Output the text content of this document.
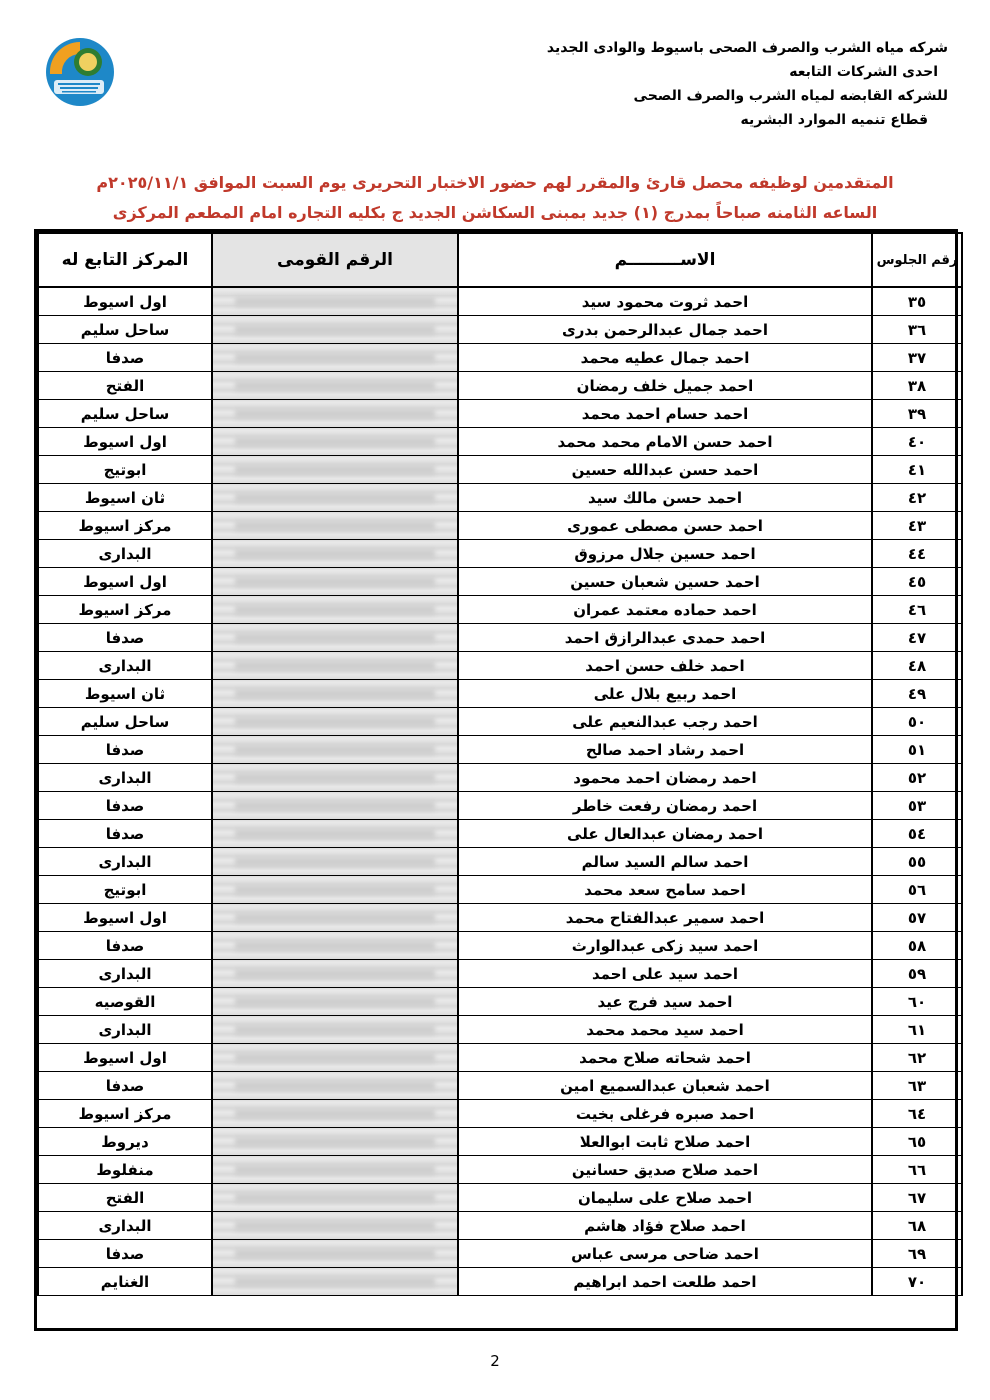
شركه مياه الشرب والصرف الصحى باسيوط والوادى الجديد
احدى الشركات التابعه
للشركه القابضه لمياه الشرب والصرف الصحى
قطاع تنميه الموارد البشريه
المتقدمين لوظيفه محصل قارئ والمقرر لهم حضور الاختبار التحريرى يوم السبت الموافق ٢٠٢٥/١١/١م
الساعه الثامنه صباحاً بمدرج (١) جديد بمبنى السكاشن الجديد ج بكليه التجاره امام المطعم المركزى
رقم الجلوس	الاســـــــــم	الرقم القومى	المركز التابع له
٣٥	احمد ثروت محمود سيد		اول اسيوط
٣٦	احمد جمال عبدالرحمن بدرى		ساحل سليم
٣٧	احمد جمال عطيه محمد		صدفا
٣٨	احمد جميل خلف رمضان		الفتح
٣٩	احمد حسام احمد محمد		ساحل سليم
٤٠	احمد حسن الامام محمد محمد		اول اسيوط
٤١	احمد حسن عبدالله حسين		ابوتيج
٤٢	احمد حسن مالك سيد		ثان اسيوط
٤٣	احمد حسن مصطى عمورى		مركز اسيوط
٤٤	احمد حسين جلال مرزوق		البدارى
٤٥	احمد حسين شعبان حسين		اول اسيوط
٤٦	احمد حماده معتمد عمران		مركز اسيوط
٤٧	احمد حمدى عبدالرازق احمد		صدفا
٤٨	احمد خلف حسن احمد		البدارى
٤٩	احمد ربيع بلال على		ثان اسيوط
٥٠	احمد رجب عبدالنعيم على		ساحل سليم
٥١	احمد رشاد احمد صالح		صدفا
٥٢	احمد رمضان احمد محمود		البدارى
٥٣	احمد رمضان رفعت خاطر		صدفا
٥٤	احمد رمضان عبدالعال على		صدفا
٥٥	احمد سالم السيد سالم		البدارى
٥٦	احمد سامح سعد محمد		ابوتيج
٥٧	احمد سمير عبدالفتاح محمد		اول اسيوط
٥٨	احمد سيد زكى عبدالوارث		صدفا
٥٩	احمد سيد على احمد		البدارى
٦٠	احمد سيد فرج عيد		القوصيه
٦١	احمد سيد محمد محمد		البدارى
٦٢	احمد شحاته صلاح محمد		اول اسيوط
٦٣	احمد شعبان عبدالسميع امين		صدفا
٦٤	احمد صبره فرغلى بخيت		مركز اسيوط
٦٥	احمد صلاح ثابت ابوالعلا		ديروط
٦٦	احمد صلاح صديق حسانين		منفلوط
٦٧	احمد صلاح على سليمان		الفتح
٦٨	احمد صلاح فؤاد هاشم		البدارى
٦٩	احمد ضاحى مرسى عباس		صدفا
٧٠	احمد طلعت احمد ابراهيم		الغنايم
2
